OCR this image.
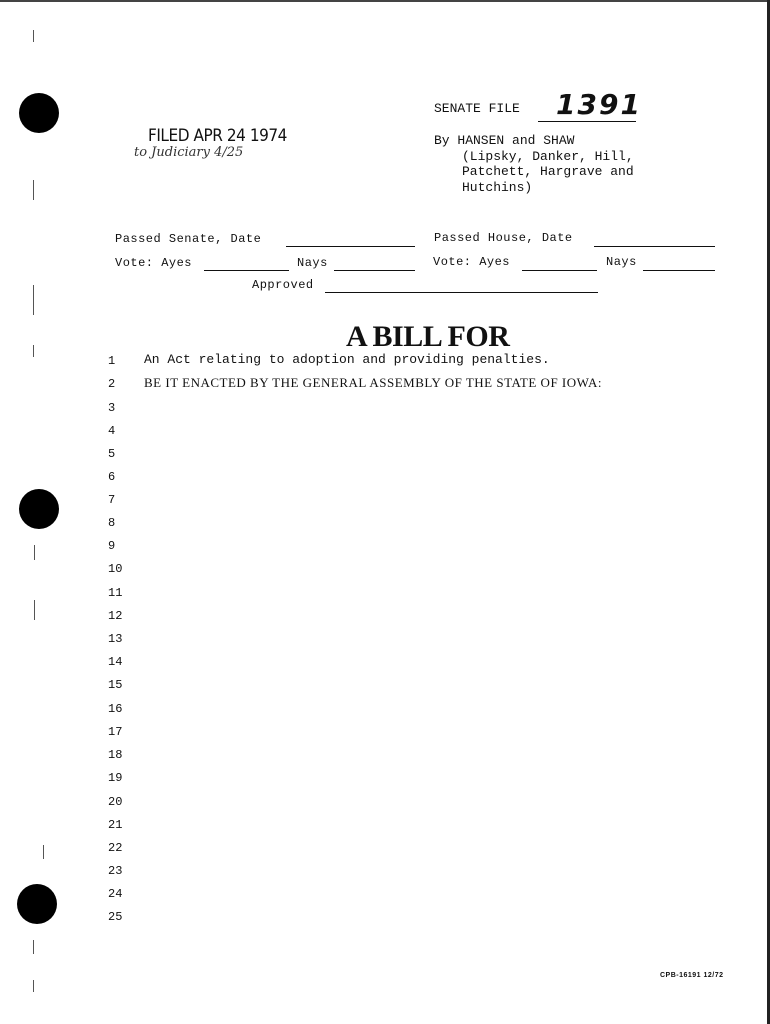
SENATE FILE 1391
FILED APR 24 1974
to Judiciary 4/25
By HANSEN and SHAW
(Lipsky, Danker, Hill,
Patchett, Hargrave and
Hutchins)
Passed Senate, Date	Passed House, Date
Vote: Ayes	Nays	Vote: Ayes	Nays
Approved
A BILL FOR
An Act relating to adoption and providing penalties.
BE IT ENACTED BY THE GENERAL ASSEMBLY OF THE STATE OF IOWA:
1
2
3
4
5
6
7
8
9
10
11
12
13
14
15
16
17
18
19
20
21
22
23
24
25
CPB-16191 12/72
